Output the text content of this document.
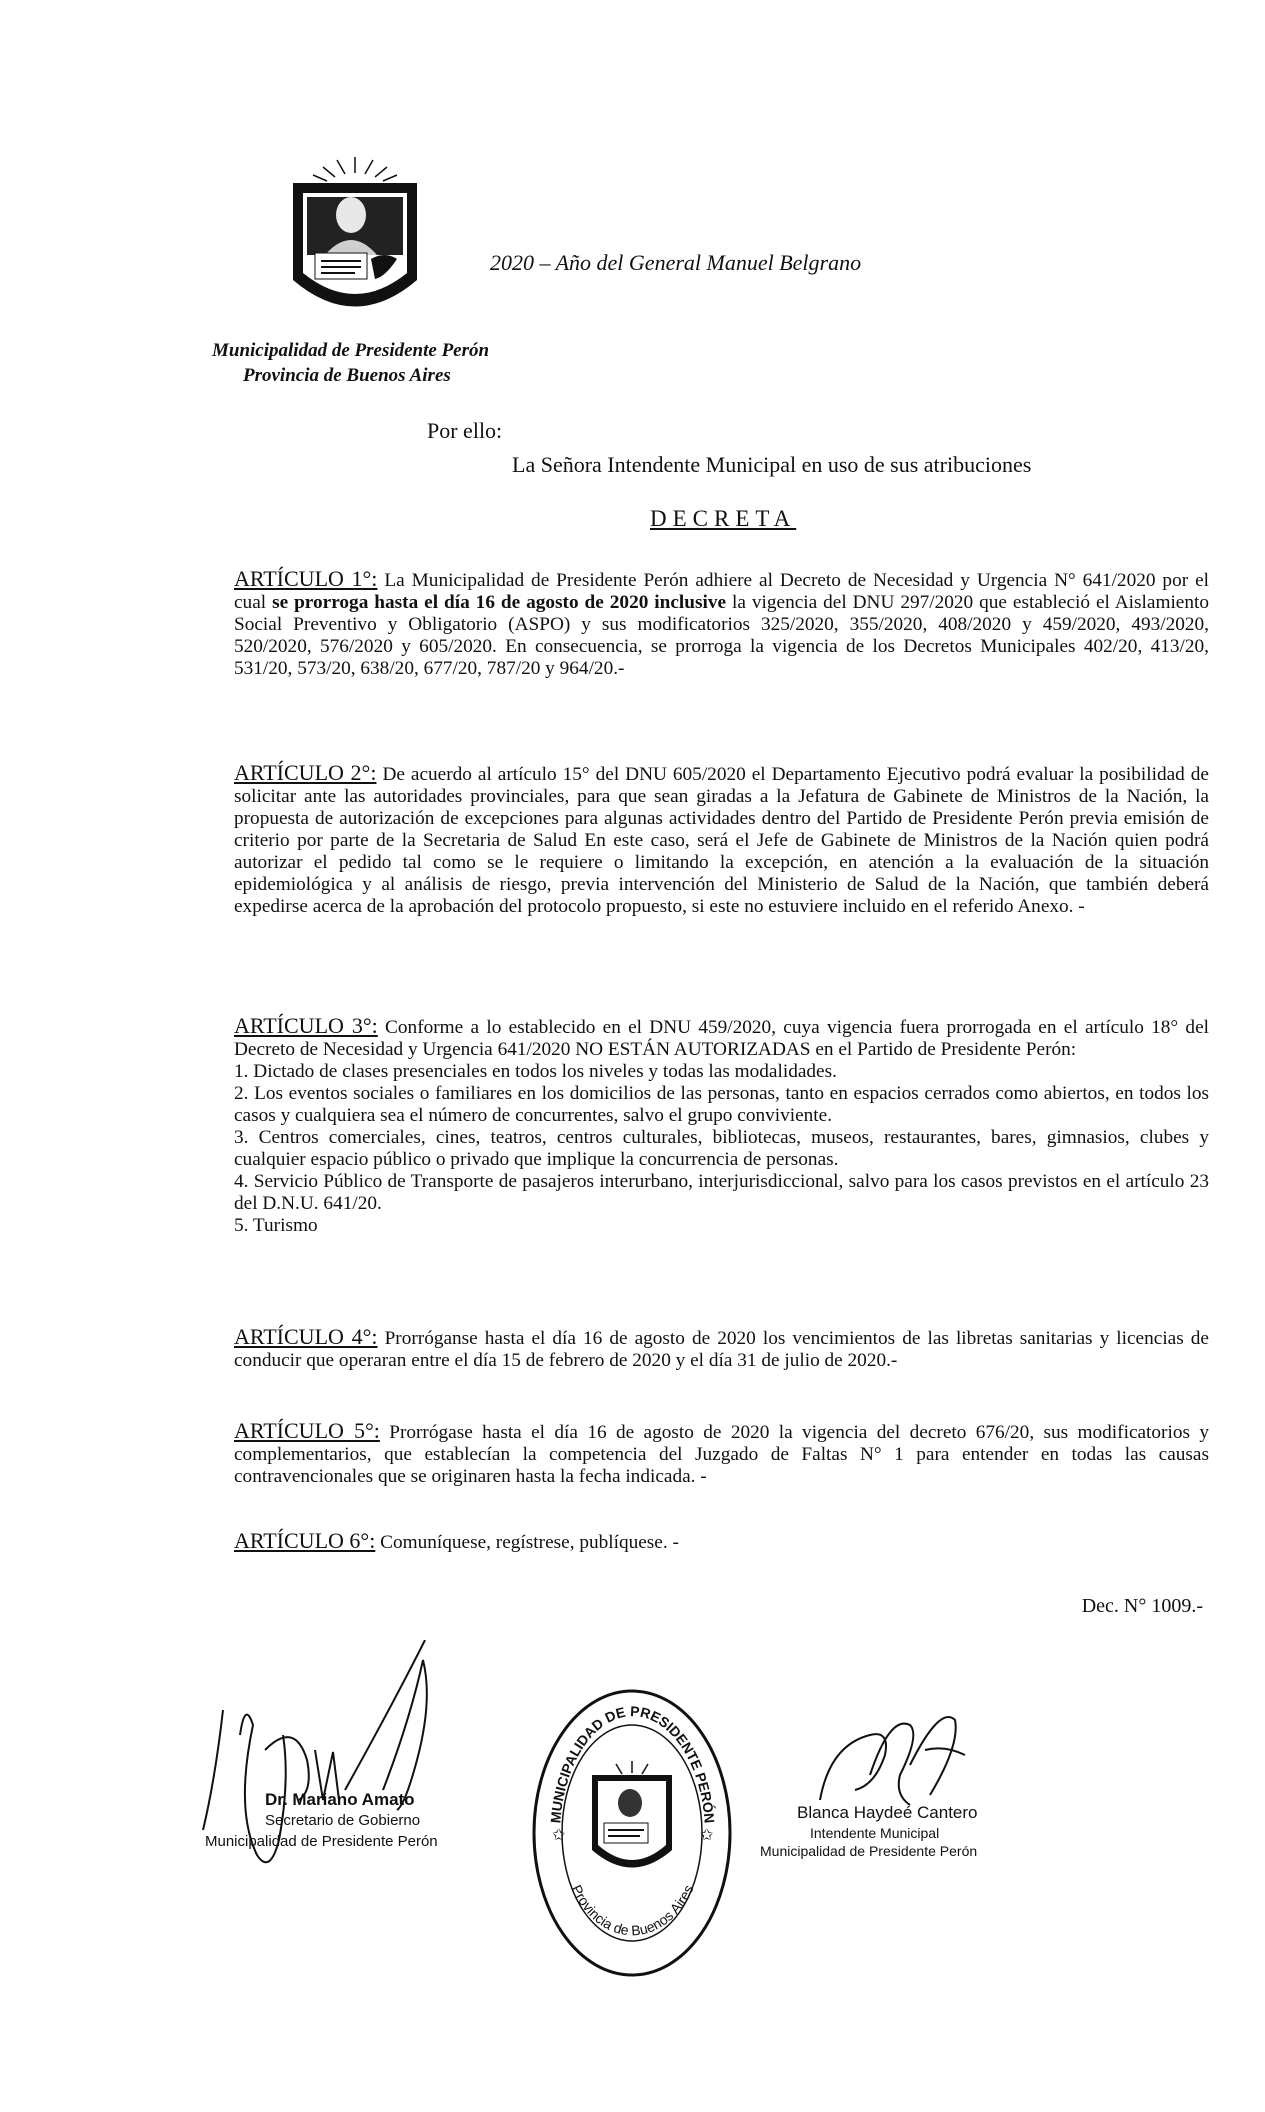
2020 – Año del General Manuel Belgrano
Municipalidad de Presidente Perón
Provincia de Buenos Aires
Por ello:
La Señora Intendente Municipal en uso de sus atribuciones
DECRETA

ARTÍCULO 1°: La Municipalidad de Presidente Perón adhiere al Decreto de Necesidad y Urgencia N° 641/2020 por el cual se prorroga hasta el día 16 de agosto de 2020 inclusive la vigencia del DNU 297/2020 que estableció el Aislamiento Social Preventivo y Obligatorio (ASPO) y sus modificatorios 325/2020, 355/2020, 408/2020 y 459/2020, 493/2020, 520/2020, 576/2020 y 605/2020. En consecuencia, se prorroga la vigencia de los Decretos Municipales 402/20, 413/20, 531/20, 573/20, 638/20, 677/20, 787/20 y 964/20.-

ARTÍCULO 2°: De acuerdo al artículo 15° del DNU 605/2020 el Departamento Ejecutivo podrá evaluar la posibilidad de solicitar ante las autoridades provinciales, para que sean giradas a la Jefatura de Gabinete de Ministros de la Nación, la propuesta de autorización de excepciones para algunas actividades dentro del Partido de Presidente Perón previa emisión de criterio por parte de la Secretaria de Salud En este caso, será el Jefe de Gabinete de Ministros de la Nación quien podrá autorizar el pedido tal como se le requiere o limitando la excepción, en atención a la evaluación de la situación epidemiológica y al análisis de riesgo, previa intervención del Ministerio de Salud de la Nación, que también deberá expedirse acerca de la aprobación del protocolo propuesto, si este no estuviere incluido en el referido Anexo. -

ARTÍCULO 3°: Conforme a lo establecido en el DNU 459/2020, cuya vigencia fuera prorrogada en el artículo 18° del Decreto de Necesidad y Urgencia 641/2020 NO ESTÁN AUTORIZADAS en el Partido de Presidente Perón:
1. Dictado de clases presenciales en todos los niveles y todas las modalidades.
2. Los eventos sociales o familiares en los domicilios de las personas, tanto en espacios cerrados como abiertos, en todos los casos y cualquiera sea el número de concurrentes, salvo el grupo conviviente.
3. Centros comerciales, cines, teatros, centros culturales, bibliotecas, museos, restaurantes, bares, gimnasios, clubes y cualquier espacio público o privado que implique la concurrencia de personas.
4. Servicio Público de Transporte de pasajeros interurbano, interjurisdiccional, salvo para los casos previstos en el artículo 23 del D.N.U. 641/20.
5. Turismo

ARTÍCULO 4°: Prorróganse hasta el día 16 de agosto de 2020 los vencimientos de las libretas sanitarias y licencias de conducir que operaran entre el día 15 de febrero de 2020 y el día 31 de julio de 2020.-

ARTÍCULO 5°: Prorrógase hasta el día 16 de agosto de 2020 la vigencia del decreto 676/20, sus modificatorios y complementarios, que establecían la competencia del Juzgado de Faltas N° 1 para entender en todas las causas contravencionales que se originaren hasta la fecha indicada. -

ARTÍCULO 6°: Comuníquese, regístrese, publíquese. -

Dec. N° 1009.-
Dr. Mariano Amato
Secretario de Gobierno
Municipalidad de Presidente Perón
MUNICIPALIDAD DE PRESIDENTE PERÓN
Provincia de Buenos Aires
✩	✩
Blanca Haydeé Cantero
Intendente Municipal
Municipalidad de Presidente Perón
